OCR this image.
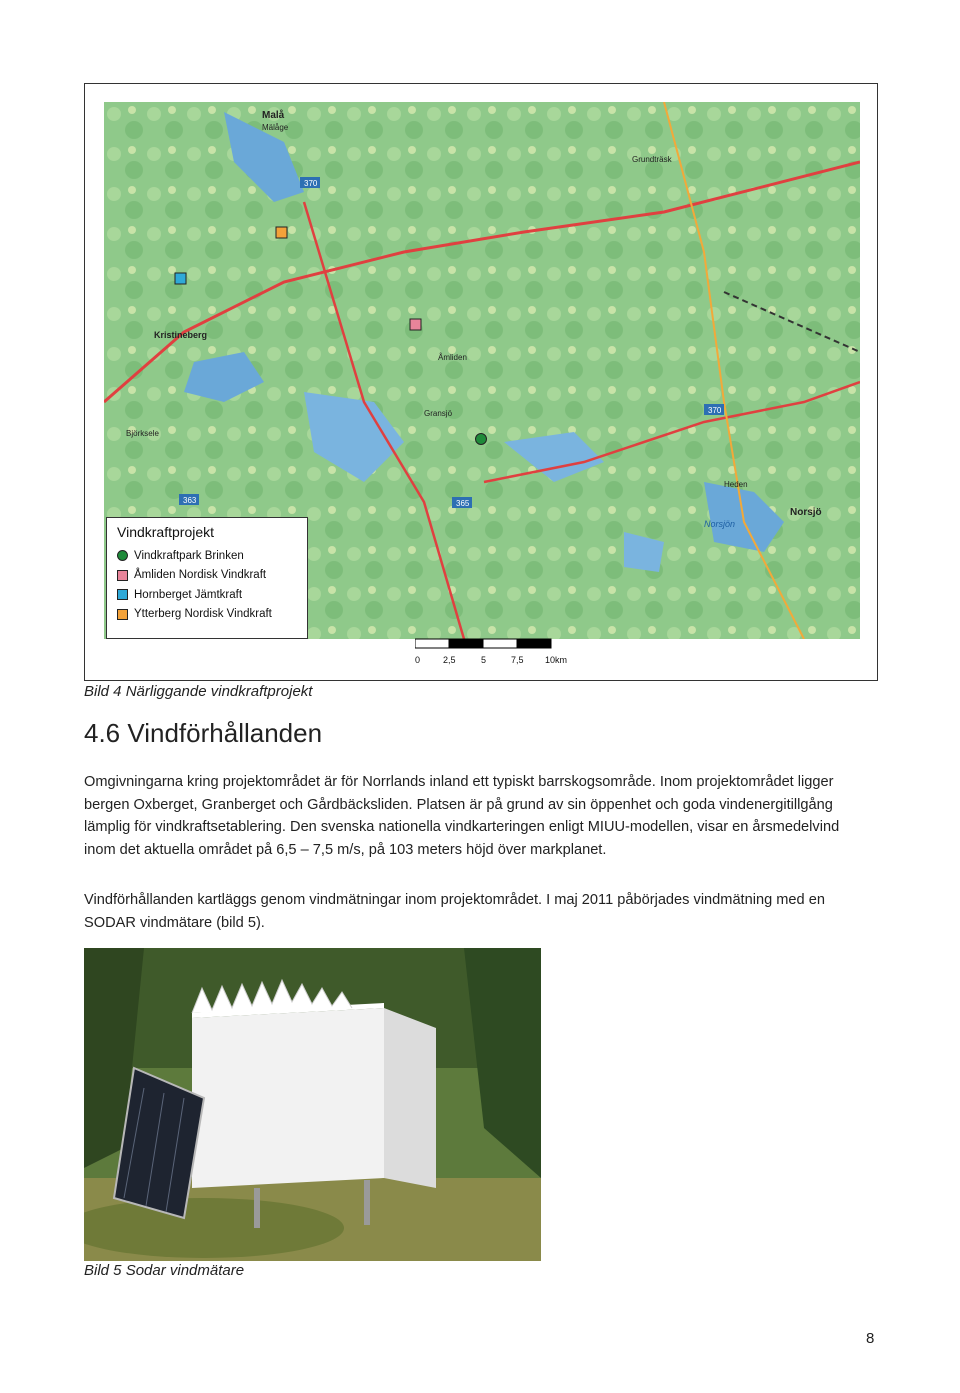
370
370
365
363
Malå
Mälåge
Kristineberg
Norsjö
Norsjön
Heden
Åmliden
Gransjö
Björksele
Grundträsk
Vindkraftprojekt
Vindkraftpark Brinken
Åmliden Nordisk Vindkraft
Hornberget Jämtkraft
Ytterberg Nordisk Vindkraft
0	2,5	5	7,5 10km
Bild 4 Närliggande vindkraftprojekt
4.6 Vindförhållanden

Omgivningarna kring projektområdet är för Norrlands inland ett typiskt barrskogsområde. Inom projektområdet ligger bergen Oxberget, Granberget och Gårdbäcksliden. Platsen är på grund av sin öppenhet och goda vindenergitillgång lämplig för vindkraftsetablering. Den svenska nationella vindkarteringen enligt MIUU-modellen, visar en årsmedelvind inom det aktuella området på 6,5 – 7,5 m/s, på 103 meters höjd över markplanet.

Vindförhållanden kartläggs genom vindmätningar inom projektområdet. I maj 2011 påbörjades vindmätning med en SODAR vindmätare (bild 5).

Bild 5 Sodar vindmätare
8
